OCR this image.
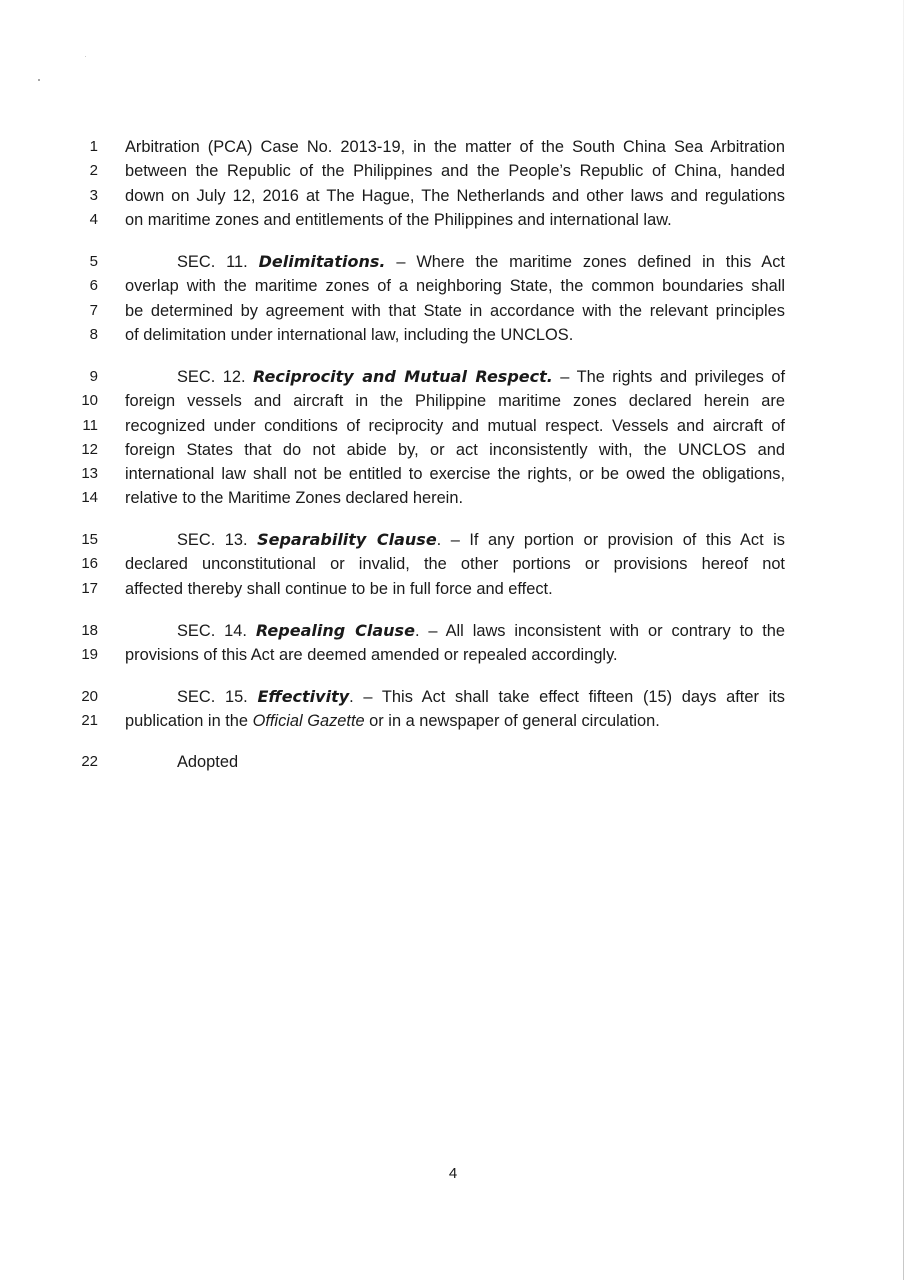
1 Arbitration (PCA) Case No. 2013-19, in the matter of the South China Sea Arbitration
2 between the Republic of the Philippines and the People’s Republic of China, handed
3 down on July 12, 2016 at The Hague, The Netherlands and other laws and regulations
4 on maritime zones and entitlements of the Philippines and international law.
5	SEC. 11. Delimitations. – Where the maritime zones defined in this Act
6 overlap with the maritime zones of a neighboring State, the common boundaries shall
7 be determined by agreement with that State in accordance with the relevant principles
8 of delimitation under international law, including the UNCLOS.
9	SEC. 12. Reciprocity and Mutual Respect. – The rights and privileges of
10 foreign vessels and aircraft in the Philippine maritime zones declared herein are
11 recognized under conditions of reciprocity and mutual respect. Vessels and aircraft of
12 foreign States that do not abide by, or act inconsistently with, the UNCLOS and
13 international law shall not be entitled to exercise the rights, or be owed the obligations,
14 relative to the Maritime Zones declared herein.
15	SEC. 13. Separability Clause. – If any portion or provision of this Act is
16 declared unconstitutional or invalid, the other portions or provisions hereof not
17 affected thereby shall continue to be in full force and effect.
18	SEC. 14. Repealing Clause. – All laws inconsistent with or contrary to the
19 provisions of this Act are deemed amended or repealed accordingly.
20	SEC. 15. Effectivity. – This Act shall take effect fifteen (15) days after its
21 publication in the Official Gazette or in a newspaper of general circulation.
22	Adopted
4
